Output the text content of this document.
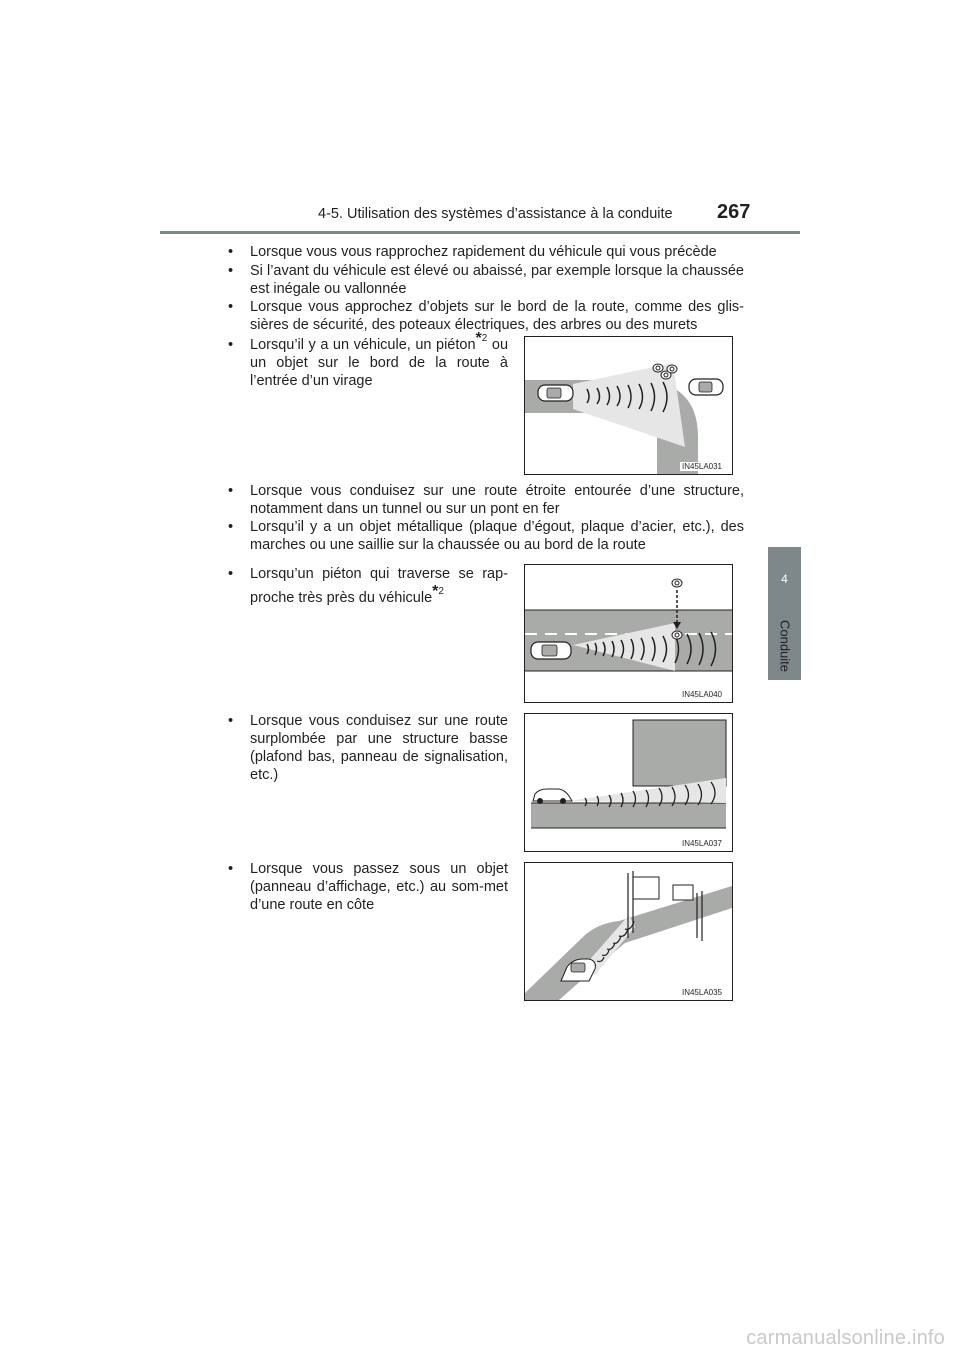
4-5. Utilisation des systèmes d’assistance à la conduite 267
4
Conduite
•	Lorsque vous vous rapprochez rapidement du véhicule qui vous précède
•	Si l’avant du véhicule est élevé ou abaissé, par exemple lorsque la chaussée est inégale ou vallonnée
•	Lorsque vous approchez d’objets sur le bord de la route, comme des glis-sières de sécurité, des poteaux électriques, des arbres ou des murets
•	Lorsqu’il y a un véhicule, un piéton$^{*2}$ ou un objet sur le bord de la route à l’entrée d’un virage
IN45LA031
•	Lorsque vous conduisez sur une route étroite entourée d’une structure, notamment dans un tunnel ou sur un pont en fer
•	Lorsqu’il y a un objet métallique (plaque d’égout, plaque d’acier, etc.), des marches ou une saillie sur la chaussée ou au bord de la route
•	Lorsqu’un piéton qui traverse se rap-proche très près du véhicule$^{*2}$
IN45LA040
•	Lorsque vous conduisez sur une route surplombée par une structure basse (plafond bas, panneau de signalisation, etc.)
IN45LA037
•	Lorsque vous passez sous un objet (panneau d’affichage, etc.) au som-met d’une route en côte
IN45LA035
carmanualsonline.info
